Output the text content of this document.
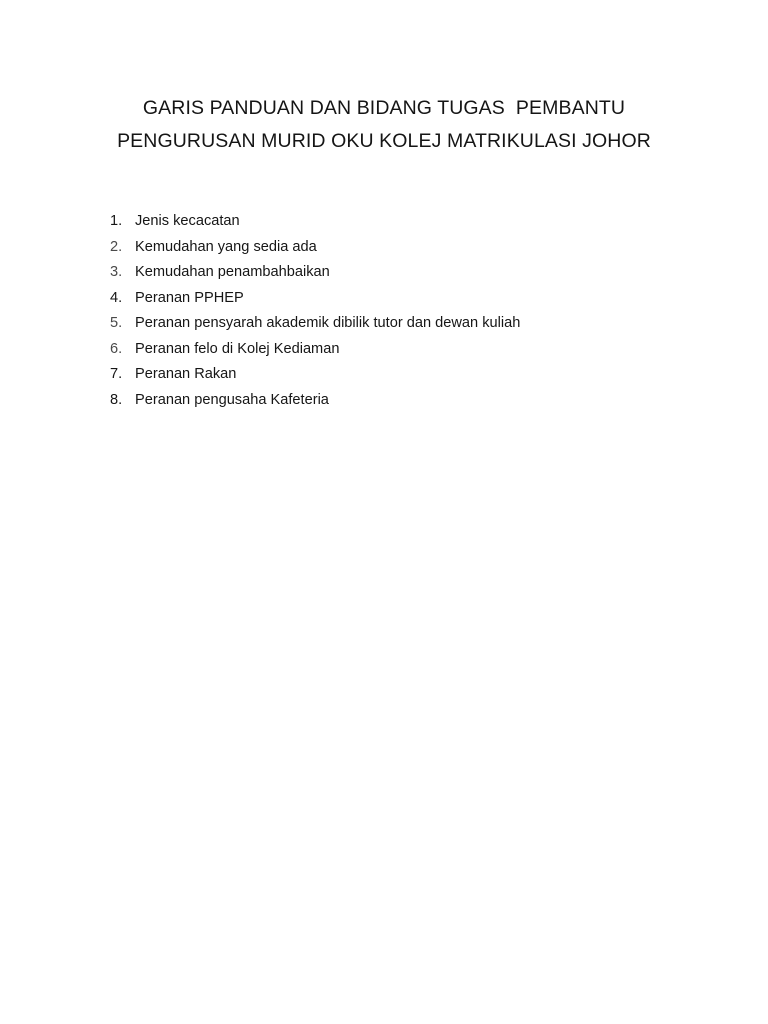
GARIS PANDUAN DAN BIDANG TUGAS  PEMBANTU
PENGURUSAN MURID OKU KOLEJ MATRIKULASI JOHOR
1. Jenis kecacatan
2. Kemudahan yang sedia ada
3. Kemudahan penambahbaikan
4. Peranan PPHEP
5. Peranan pensyarah akademik dibilik tutor dan dewan kuliah
6. Peranan felo di Kolej Kediaman
7. Peranan Rakan
8. Peranan pengusaha Kafeteria
